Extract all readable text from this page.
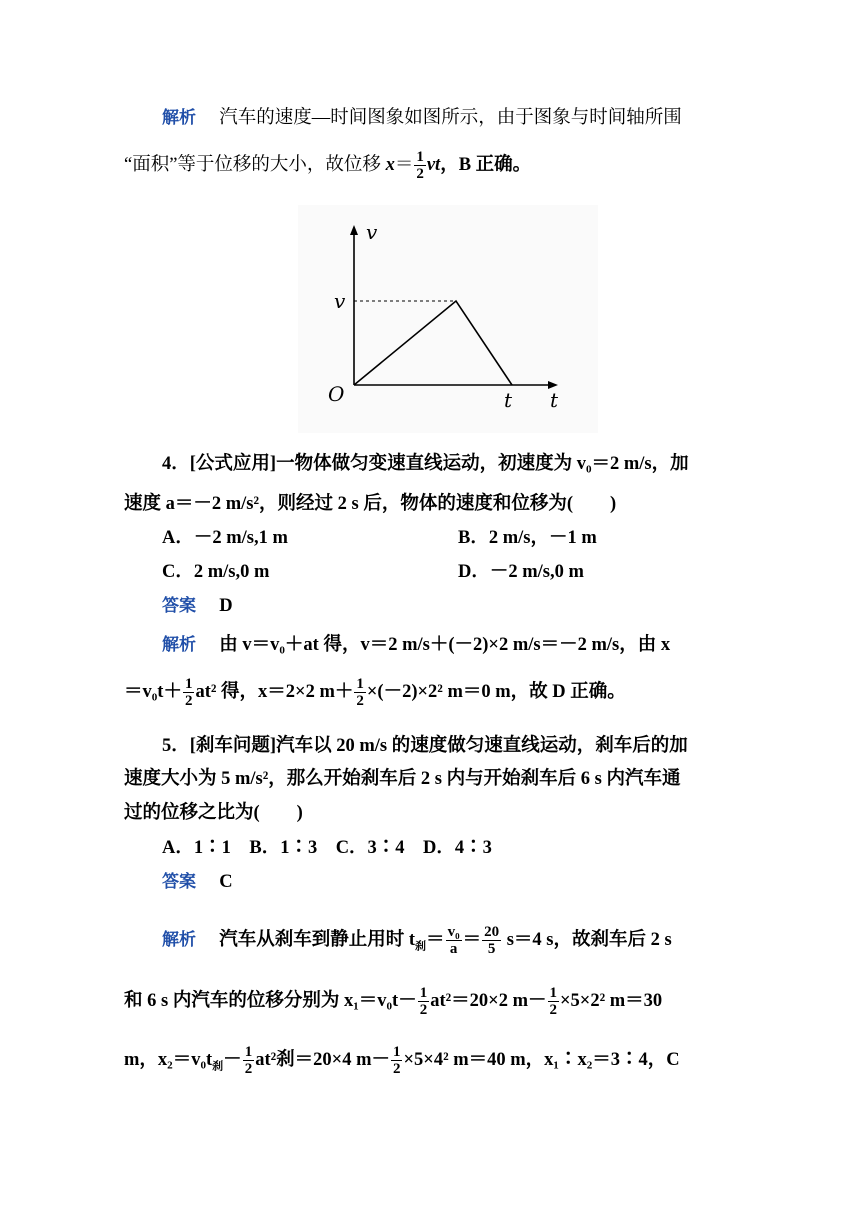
解析 汽车的速度—时间图象如图所示，由于图象与时间轴所围
“面积”等于位移的大小，故位移 $x= \frac{1}{2}$ vt，B 正确。
v
v
O	t t
4．[公式应用]一物体做匀变速直线运动，初速度为 v₀＝2 m/s，加
速度 a＝－2 m/s²，则经过 2 s 后，物体的速度和位移为(　　)
A．－2 m/s,1 m	B．2 m/s，－1 m
C．2 m/s,0 m	D．－2 m/s,0 m
答案 D
解析 由 v＝v₀＋at 得，v＝2 m/s＋(－2)×2 m/s＝－2 m/s，由 x
$=v_0t+ \frac{1}{2} at^2$ 得，x＝2×2 $m+ \frac{1}{2} \times(-2)\times 2^2$ m＝0 m，故 D 正确。
5．[刹车问题]汽车以 20 m/s 的速度做匀速直线运动，刹车后的加
速度大小为 5 m/s²，那么开始刹车后 2 s 内与开始刹车后 6 s 内汽车通
过的位移之比为(　　)
A．1∶1　B．1∶3　C．3∶4　D．4∶3
答案 C
解析 汽车从刹车到静止用时 $t_刹= \frac{\text{v₀}}{a} = \frac{20}{5} s=4$ s，故刹车后 2 s
和 6 s 内汽车的位移分别为 $x_1=v_0t- \frac{1}{2} at^2=20\times 2$ $m- \frac{1}{2} \times 5\times 2^2$ m＝30
m，$x_2=v_0t_刹- \frac{1}{2} at^2$刹＝20×4 $m- \frac{1}{2} \times 5\times 4^2$ m＝40 m，x₁∶x₂＝3∶4，C
